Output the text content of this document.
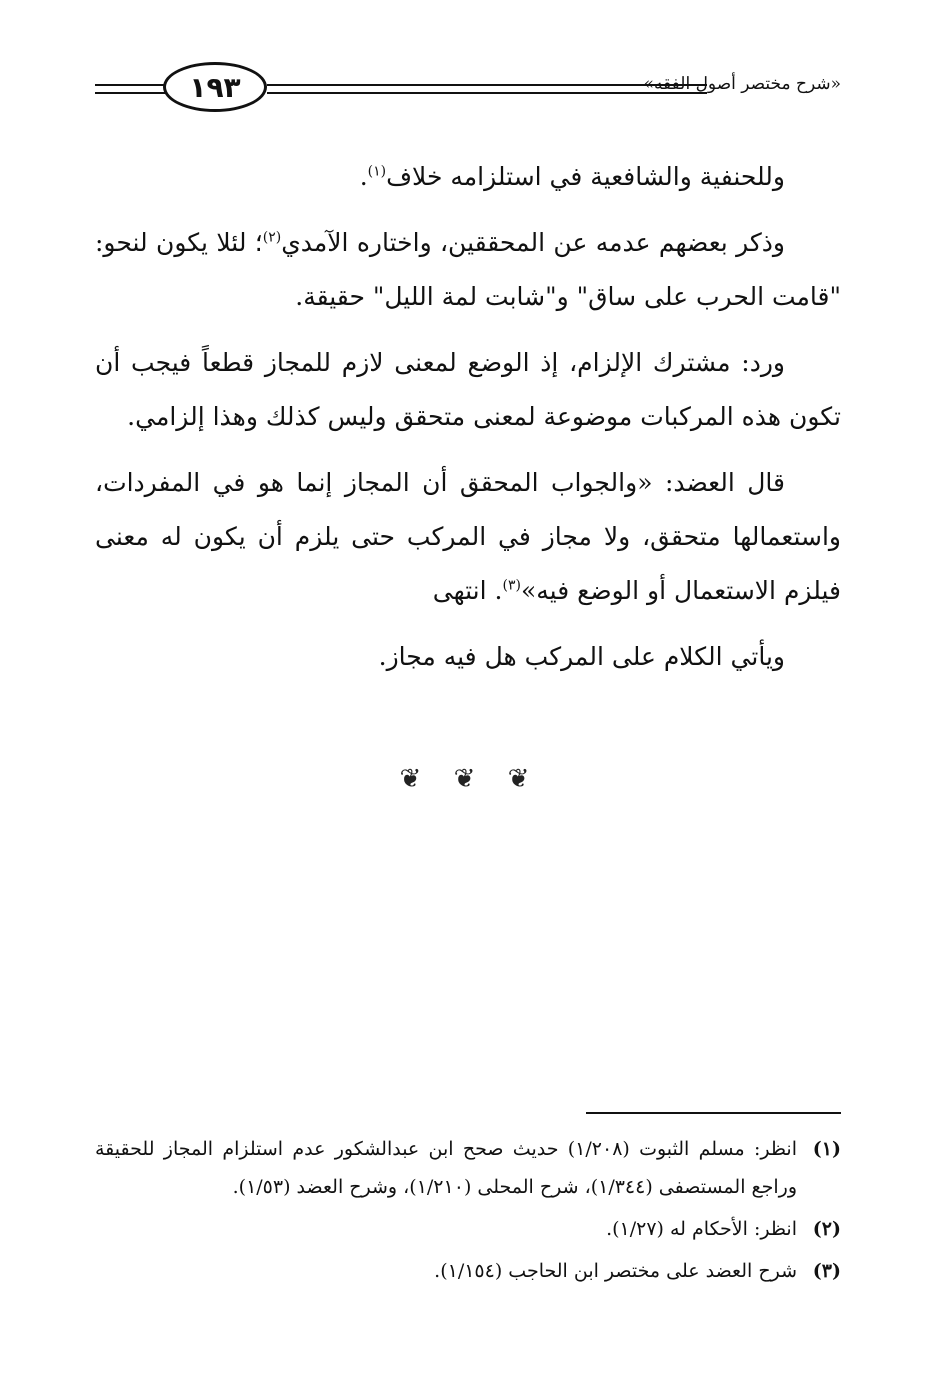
١٩٣	«شرح مختصر أصول الفقه»

وللحنفية والشافعية في استلزامه خلاف$^{(١)}$.

وذكر بعضهم عدمه عن المحققين، واختاره الآمدي$^{(٢)}$؛ لئلا يكون لنحو: "قامت الحرب على ساق" و"شابت لمة الليل" حقيقة.

ورد: مشترك الإلزام، إذ الوضع لمعنى لازم للمجاز قطعاً فيجب أن تكون هذه المركبات موضوعة لمعنى متحقق وليس كذلك وهذا إلزامي.

قال العضد: «والجواب المحقق أن المجاز إنما هو في المفردات، واستعمالها متحقق، ولا مجاز في المركب حتى يلزم أن يكون له معنى فيلزم الاستعمال أو الوضع فيه»$^{(٣)}$. انتهى

ويأتي الكلام على المركب هل فيه مجاز.

❦ ❦ ❦
(١)
انظر: مسلم الثبوت (١/٢٠٨) حديث صحح ابن عبدالشكور عدم استلزام المجاز للحقيقة وراجع المستصفى (١/٣٤٤)، شرح المحلى (١/٢١٠)، وشرح العضد (١/٥٣).
(٢)
انظر: الأحكام له (١/٢٧).
(٣)
شرح العضد على مختصر ابن الحاجب (١/١٥٤).
